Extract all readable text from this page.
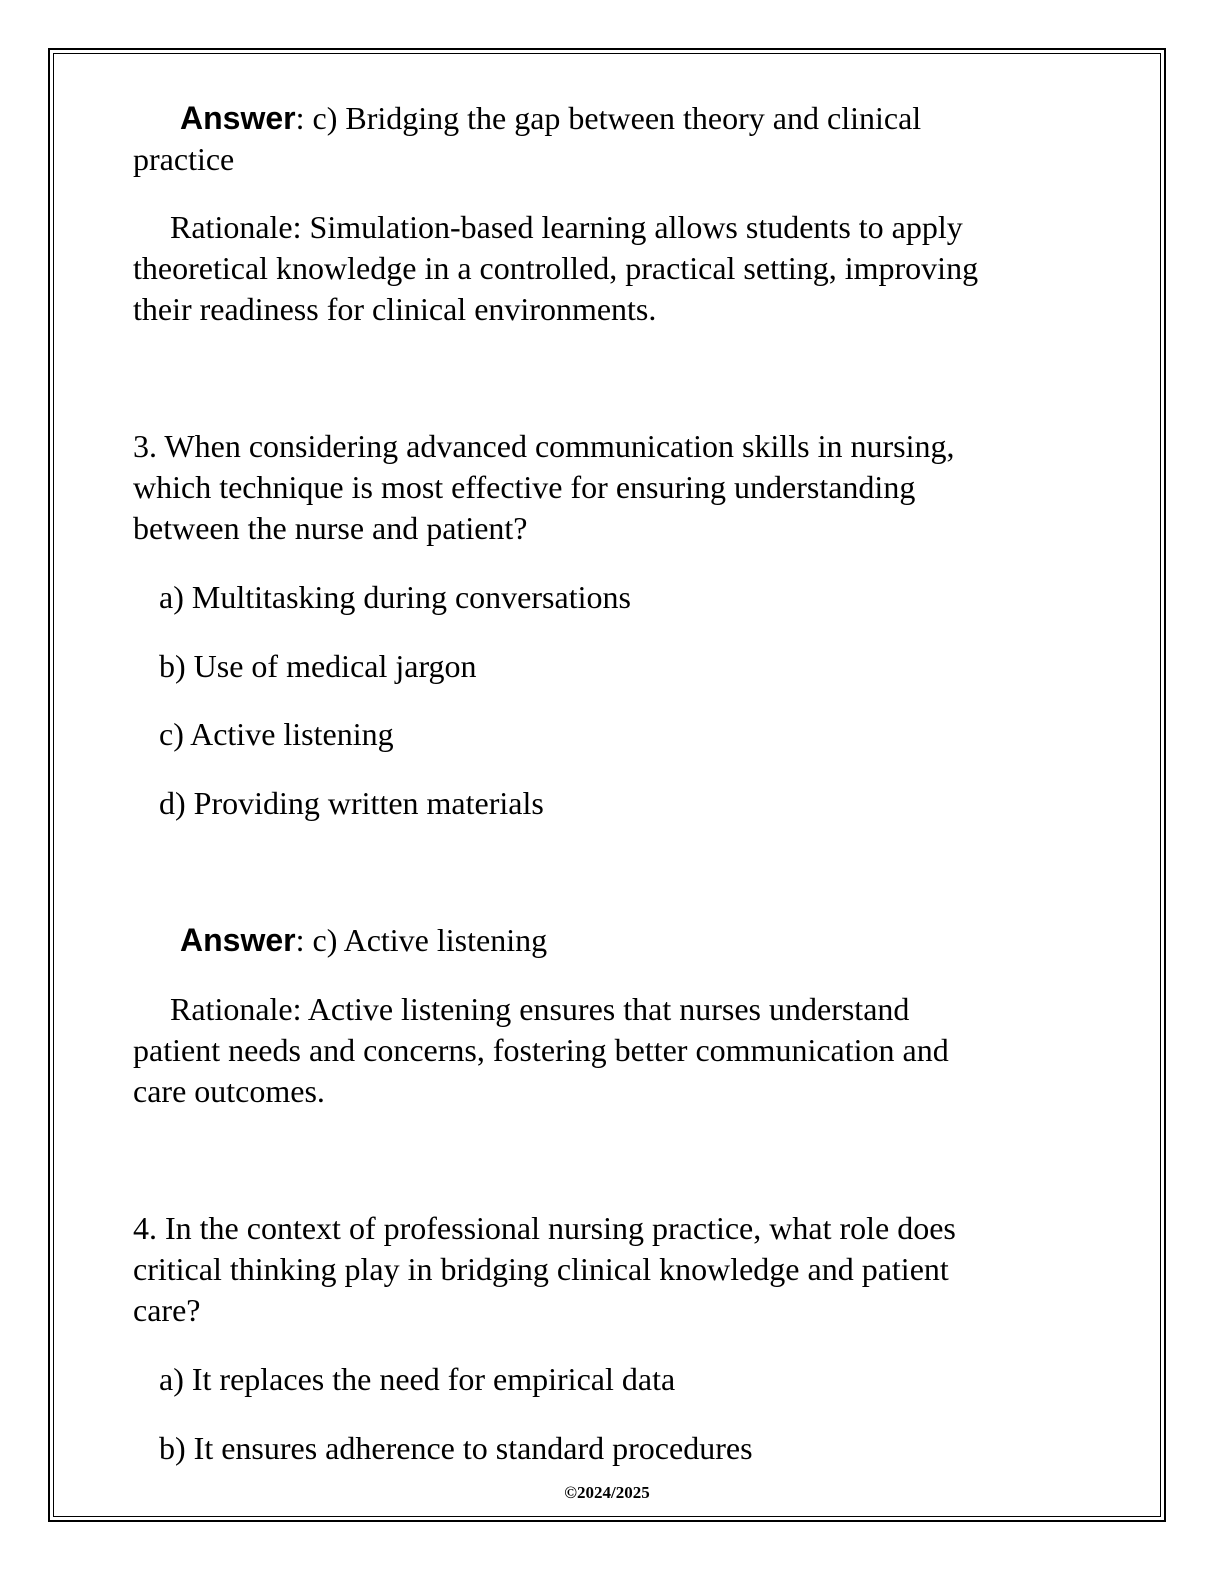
Answer: c) Bridging the gap between theory and clinical
practice
Rationale: Simulation-based learning allows students to apply
theoretical knowledge in a controlled, practical setting, improving
their readiness for clinical environments.
3. When considering advanced communication skills in nursing,
which technique is most effective for ensuring understanding
between the nurse and patient?
a) Multitasking during conversations
b) Use of medical jargon
c) Active listening
d) Providing written materials
Answer: c) Active listening
Rationale: Active listening ensures that nurses understand
patient needs and concerns, fostering better communication and
care outcomes.
4. In the context of professional nursing practice, what role does
critical thinking play in bridging clinical knowledge and patient
care?
a) It replaces the need for empirical data
b) It ensures adherence to standard procedures
©2024/2025
